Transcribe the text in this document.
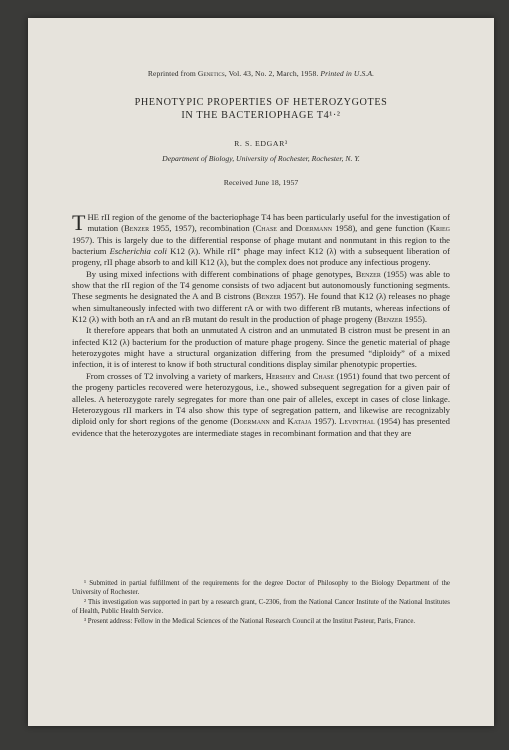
Reprinted from Genetics, Vol. 43, No. 2, March, 1958. Printed in U.S.A.
PHENOTYPIC PROPERTIES OF HETEROZYGOTES
IN THE BACTERIOPHAGE T4¹·²
R. S. EDGAR³
Department of Biology, University of Rochester, Rochester, N. Y.
Received June 18, 1957

THE rII region of the genome of the bacteriophage T4 has been particularly useful for the investigation of mutation (Benzer 1955, 1957), recombination (Chase and Doermann 1958), and gene function (Krieg 1957). This is largely due to the differential response of phage mutant and nonmutant in this region to the bacterium Escherichia coli K12 (λ). While rII⁺ phage may infect K12 (λ) with a subsequent liberation of progeny, rII phage absorb to and kill K12 (λ), but the complex does not produce any infectious progeny.

By using mixed infections with different combinations of phage genotypes, Benzer (1955) was able to show that the rII region of the T4 genome consists of two adjacent but autonomously functioning segments. These segments he designated the A and B cistrons (Benzer 1957). He found that K12 (λ) releases no phage when simultaneously infected with two different rA or with two different rB mutants, whereas infections of K12 (λ) with both an rA and an rB mutant do result in the production of phage progeny (Benzer 1955).

It therefore appears that both an unmutated A cistron and an unmutated B cistron must be present in an infected K12 (λ) bacterium for the production of mature phage progeny. Since the genetic material of phage heterozygotes might have a structural organization differing from the presumed “diploidy” of a mixed infection, it is of interest to know if both structural conditions display similar phenotypic properties.

From crosses of T2 involving a variety of markers, Hershey and Chase (1951) found that two percent of the progeny particles recovered were heterozygous, i.e., showed subsequent segregation for a given pair of alleles. A heterozygote rarely segregates for more than one pair of alleles, except in cases of close linkage. Heterozygous rII markers in T4 also show this type of segregation pattern, and likewise are recognizably diploid only for short regions of the genome (Doermann and Kataja 1957). Levinthal (1954) has presented evidence that the heterozygotes are intermediate stages in recombinant formation and that they are

¹ Submitted in partial fulfillment of the requirements for the degree Doctor of Philosophy to the Biology Department of the University of Rochester.

² This investigation was supported in part by a research grant, C-2306, from the National Cancer Institute of the National Institutes of Health, Public Health Service.

³ Present address: Fellow in the Medical Sciences of the National Research Council at the Institut Pasteur, Paris, France.
